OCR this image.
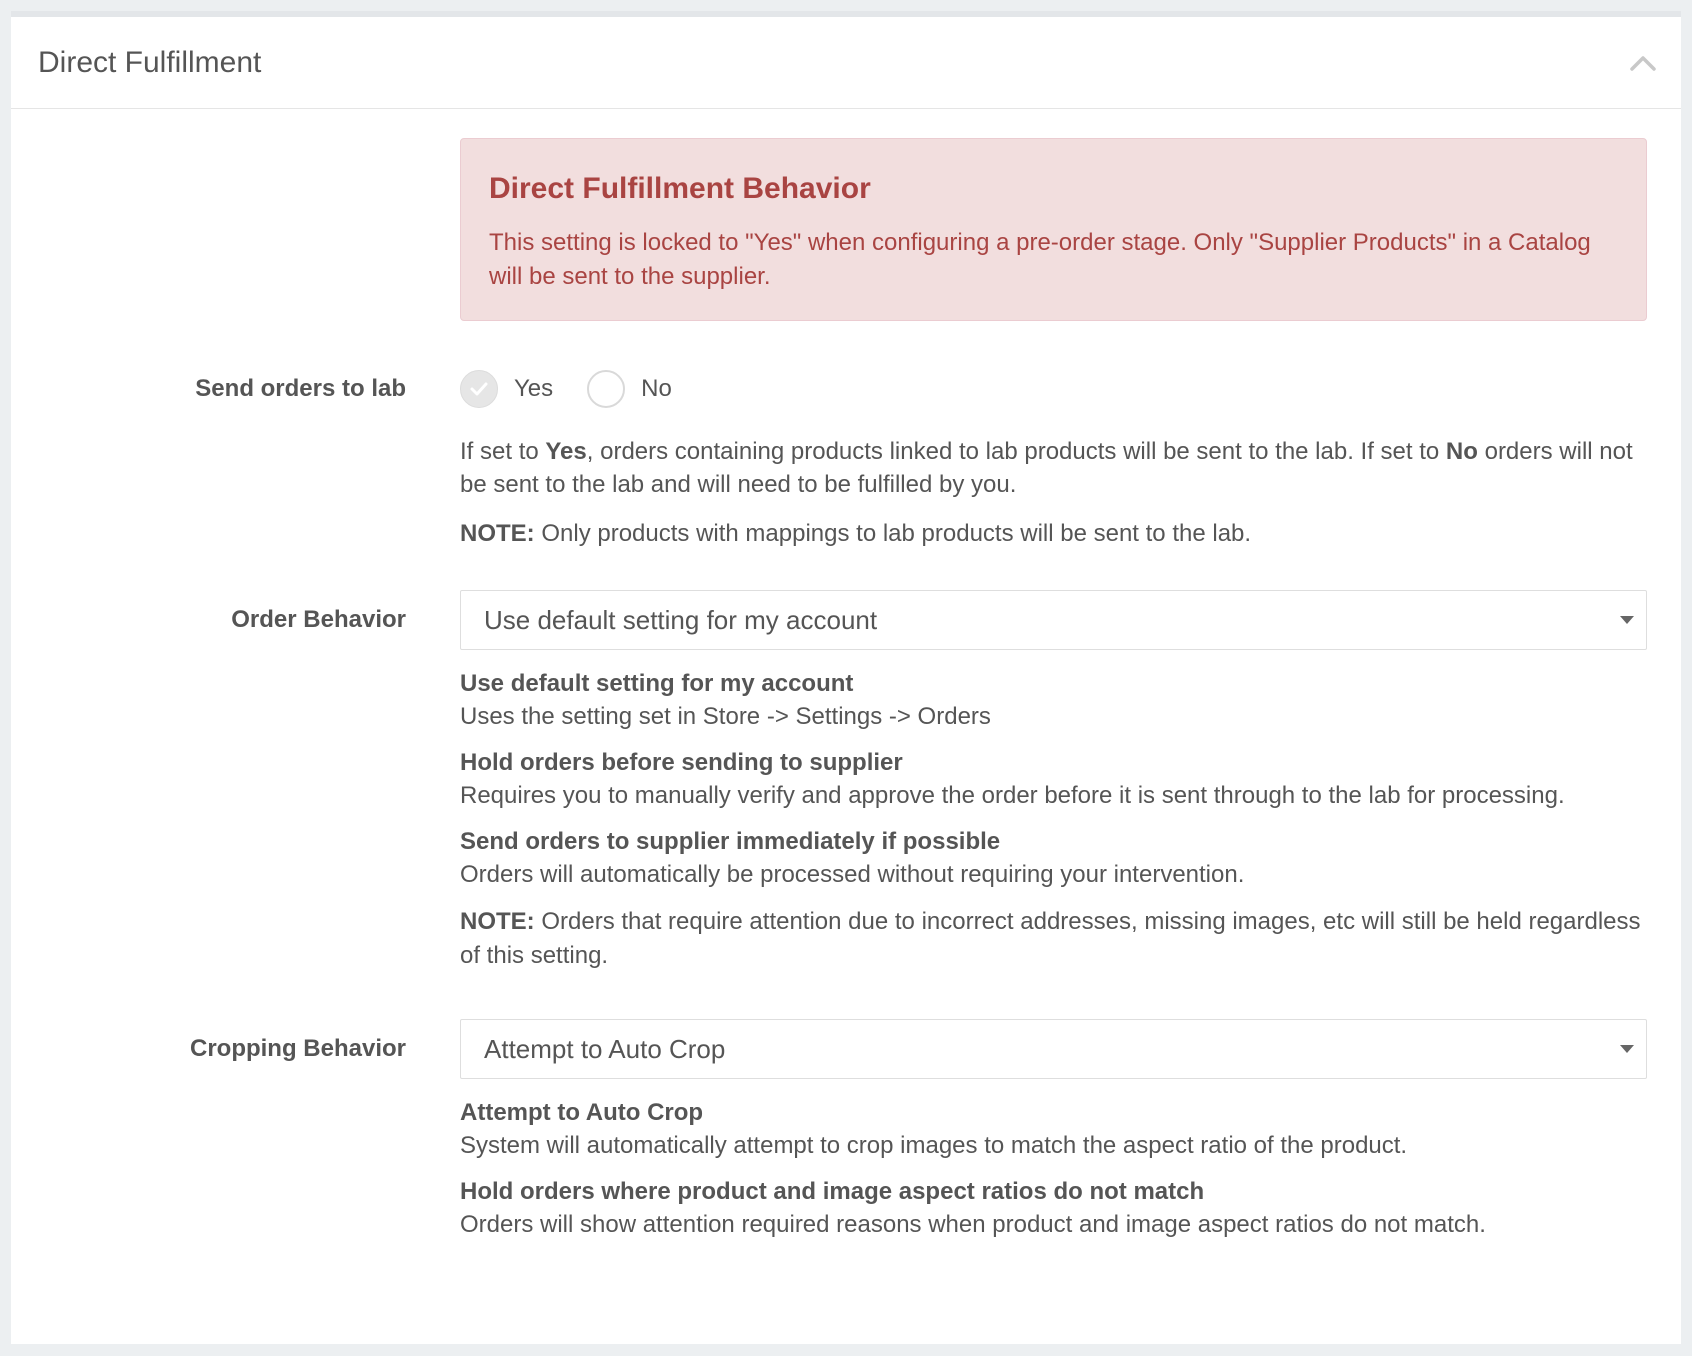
Direct Fulfillment
Direct Fulfillment Behavior
This setting is locked to "Yes" when configuring a pre-order stage. Only "Supplier Products" in a Catalog will be sent to the supplier.
Send orders to lab	Yes	No
If set to Yes, orders containing products linked to lab products will be sent to the lab. If set to No orders will not be sent to the lab and will need to be fulfilled by you.
NOTE: Only products with mappings to lab products will be sent to the lab.
Order Behavior	Use default setting for my account
Use default setting for my account
Uses the setting set in Store -> Settings -> Orders
Hold orders before sending to supplier
Requires you to manually verify and approve the order before it is sent through to the lab for processing.
Send orders to supplier immediately if possible
Orders will automatically be processed without requiring your intervention.
NOTE: Orders that require attention due to incorrect addresses, missing images, etc will still be held regardless of this setting.
Cropping Behavior	Attempt to Auto Crop
Attempt to Auto Crop
System will automatically attempt to crop images to match the aspect ratio of the product.
Hold orders where product and image aspect ratios do not match
Orders will show attention required reasons when product and image aspect ratios do not match.
